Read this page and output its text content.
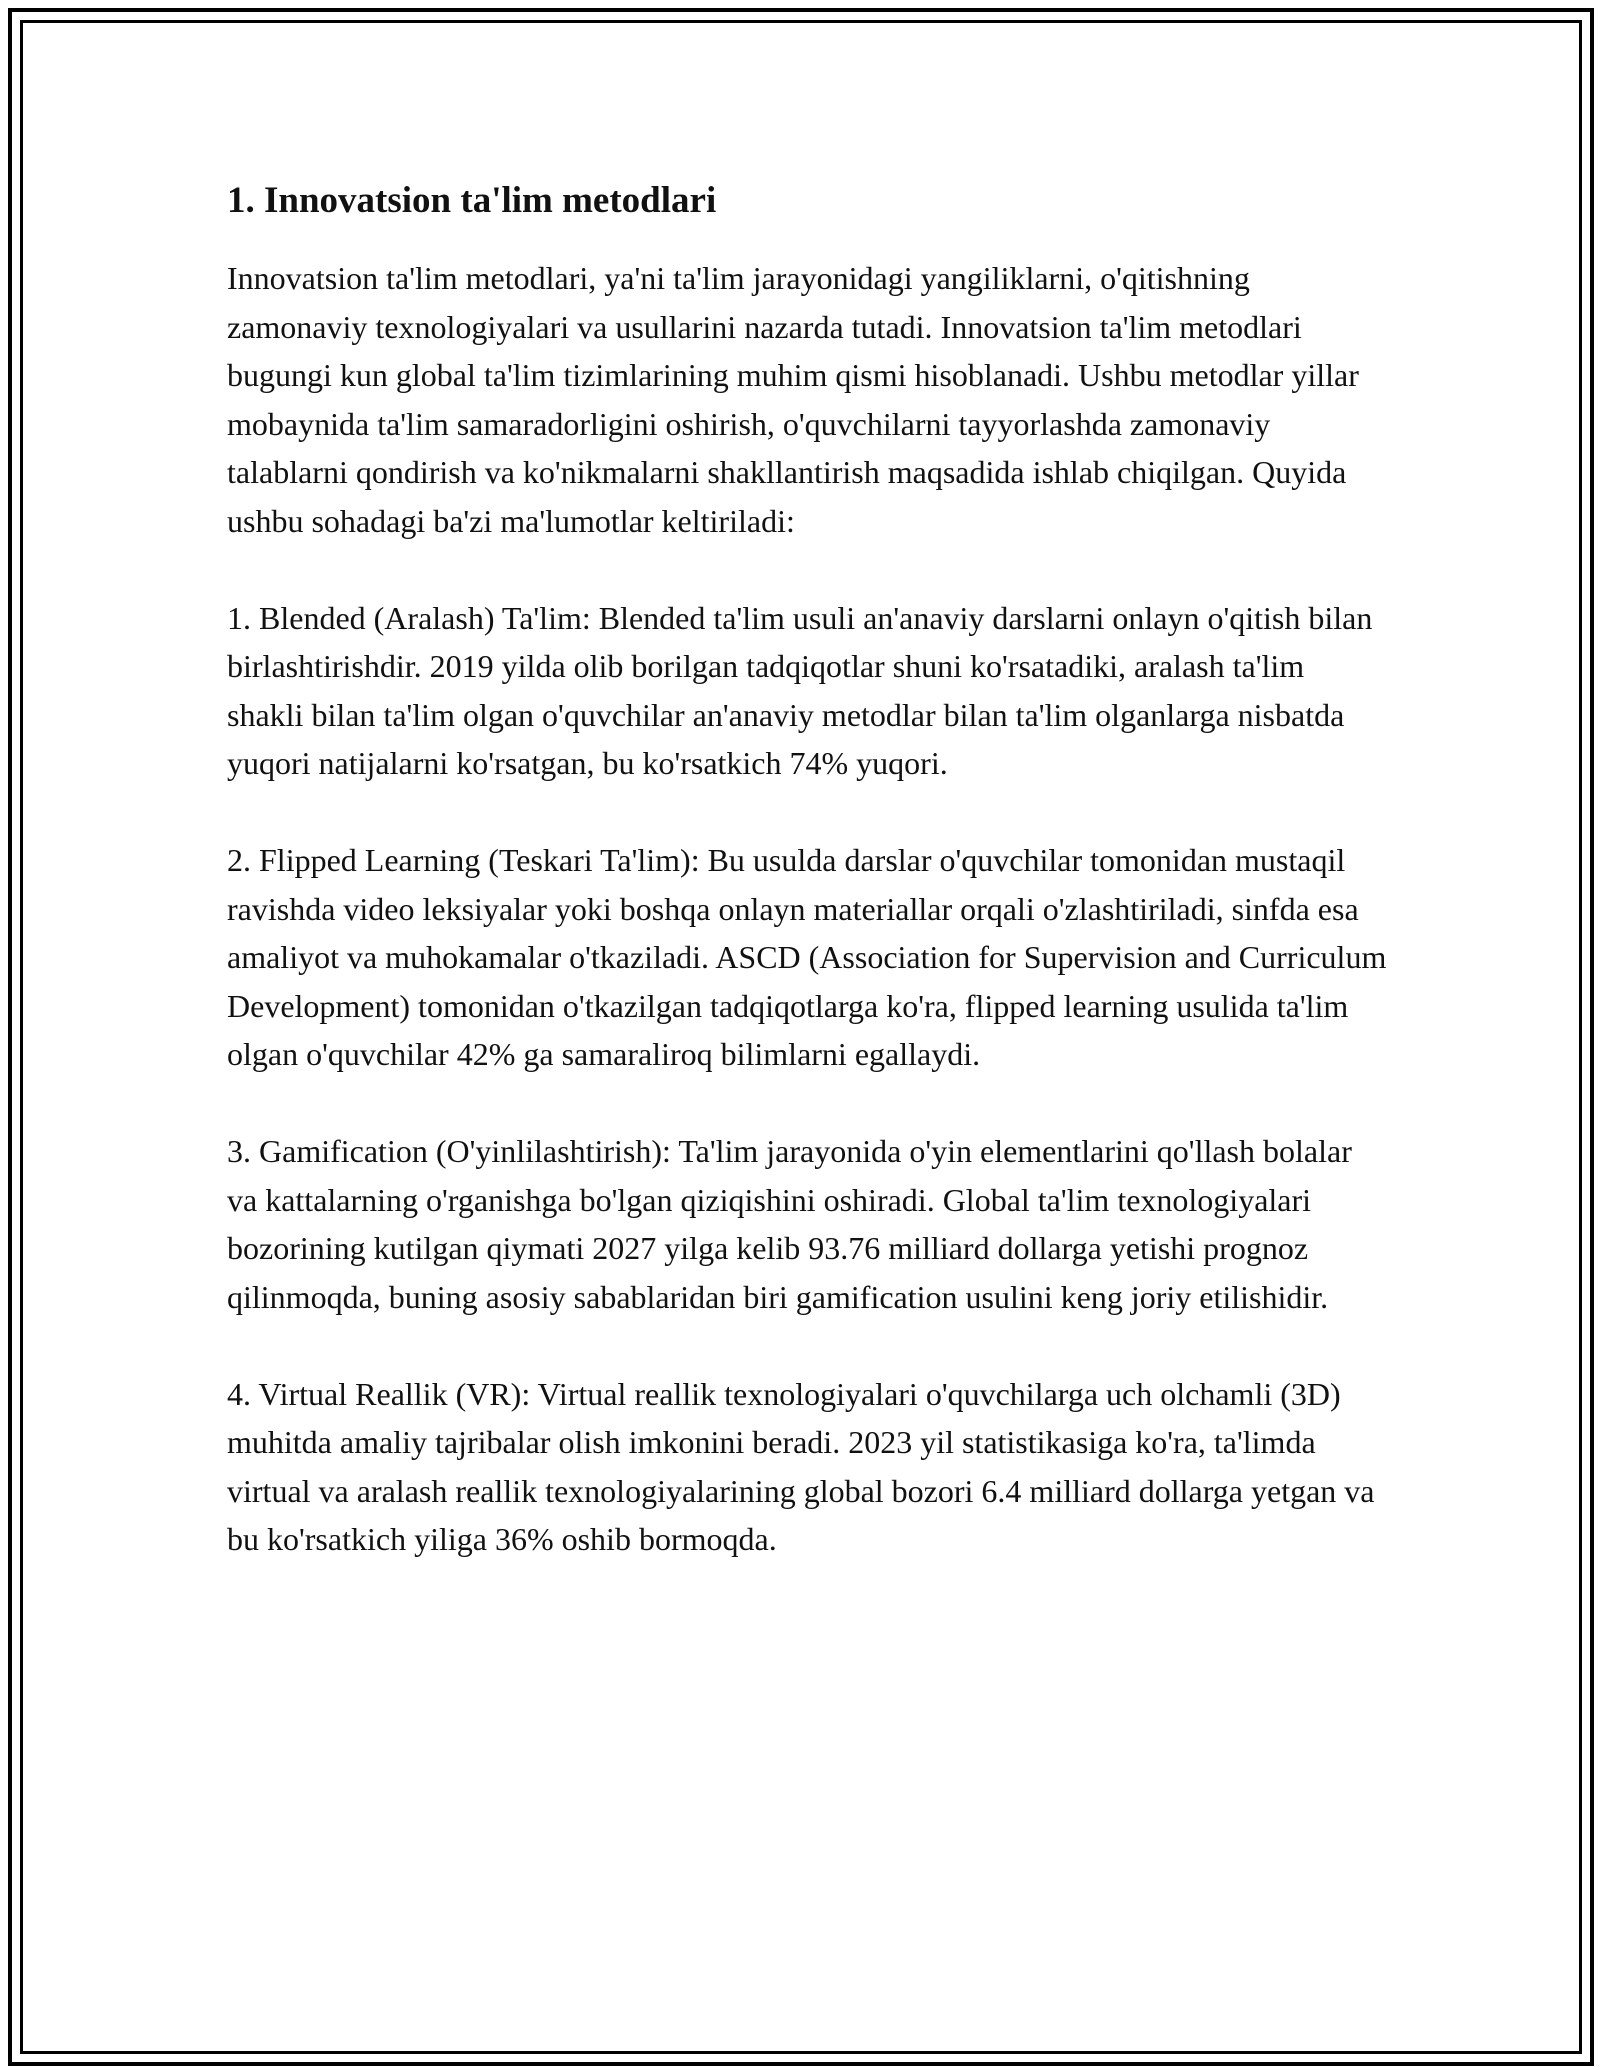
1. Innovatsion ta'lim metodlari

Innovatsion ta'lim metodlari, ya'ni ta'lim jarayonidagi yangiliklarni, o'qitishning zamonaviy texnologiyalari va usullarini nazarda tutadi. Innovatsion ta'lim metodlari bugungi kun global ta'lim tizimlarining muhim qismi hisoblanadi. Ushbu metodlar yillar mobaynida ta'lim samaradorligini oshirish, o'quvchilarni tayyorlashda zamonaviy talablarni qondirish va ko'nikmalarni shakllantirish maqsadida ishlab chiqilgan. Quyida ushbu sohadagi ba'zi ma'lumotlar keltiriladi:

1. Blended (Aralash) Ta'lim: Blended ta'lim usuli an'anaviy darslarni onlayn o'qitish bilan birlashtirishdir. 2019 yilda olib borilgan tadqiqotlar shuni ko'rsatadiki, aralash ta'lim shakli bilan ta'lim olgan o'quvchilar an'anaviy metodlar bilan ta'lim olganlarga nisbatda yuqori natijalarni ko'rsatgan, bu ko'rsatkich 74% yuqori.

2. Flipped Learning (Teskari Ta'lim): Bu usulda darslar o'quvchilar tomonidan mustaqil ravishda video leksiyalar yoki boshqa onlayn materiallar orqali o'zlashtiriladi, sinfda esa amaliyot va muhokamalar o'tkaziladi. ASCD (Association for Supervision and Curriculum Development) tomonidan o'tkazilgan tadqiqotlarga ko'ra, flipped learning usulida ta'lim olgan o'quvchilar 42% ga samaraliroq bilimlarni egallaydi.

3. Gamification (O'yinlilashtirish): Ta'lim jarayonida o'yin elementlarini qo'llash bolalar va kattalarning o'rganishga bo'lgan qiziqishini oshiradi. Global ta'lim texnologiyalari bozorining kutilgan qiymati 2027 yilga kelib 93.76 milliard dollarga yetishi prognoz qilinmoqda, buning asosiy sabablaridan biri gamification usulini keng joriy etilishidir.

4. Virtual Reallik (VR): Virtual reallik texnologiyalari o'quvchilarga uch olchamli (3D) muhitda amaliy tajribalar olish imkonini beradi. 2023 yil statistikasiga ko'ra, ta'limda virtual va aralash reallik texnologiyalarining global bozori 6.4 milliard dollarga yetgan va bu ko'rsatkich yiliga 36% oshib bormoqda.
